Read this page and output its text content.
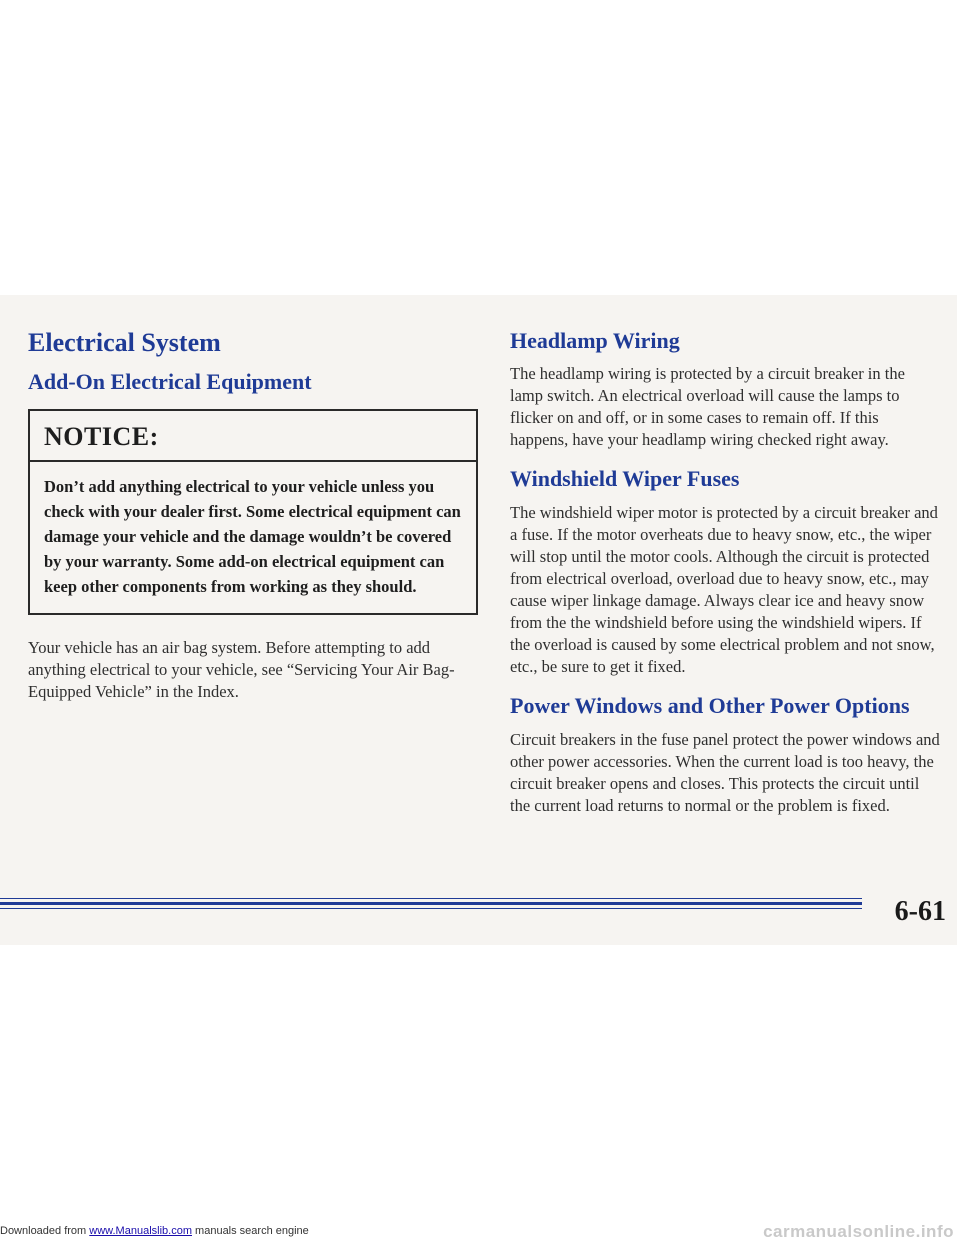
Electrical System
Add-On Electrical Equipment
NOTICE:
Don’t add anything electrical to your vehicle unless you check with your dealer first. Some electrical equipment can damage your vehicle and the damage wouldn’t be covered by your warranty. Some add-on electrical equipment can keep other components from working as they should.

Your vehicle has an air bag system. Before attempting to add anything electrical to your vehicle, see “Servicing Your Air Bag-Equipped Vehicle” in the Index.

Headlamp Wiring

The headlamp wiring is protected by a circuit breaker in the lamp switch. An electrical overload will cause the lamps to flicker on and off, or in some cases to remain off. If this happens, have your headlamp wiring checked right away.

Windshield Wiper Fuses

The windshield wiper motor is protected by a circuit breaker and a fuse. If the motor overheats due to heavy snow, etc., the wiper will stop until the motor cools. Although the circuit is protected from electrical overload, overload due to heavy snow, etc., may cause wiper linkage damage. Always clear ice and heavy snow from the the windshield before using the windshield wipers. If the overload is caused by some electrical problem and not snow, etc., be sure to get it fixed.

Power Windows and Other Power Options

Circuit breakers in the fuse panel protect the power windows and other power accessories. When the current load is too heavy, the circuit breaker opens and closes. This protects the circuit until the current load returns to normal or the problem is fixed.

6-61
Downloaded from www.Manualslib.com manuals search engine	carmanualsonline.info
